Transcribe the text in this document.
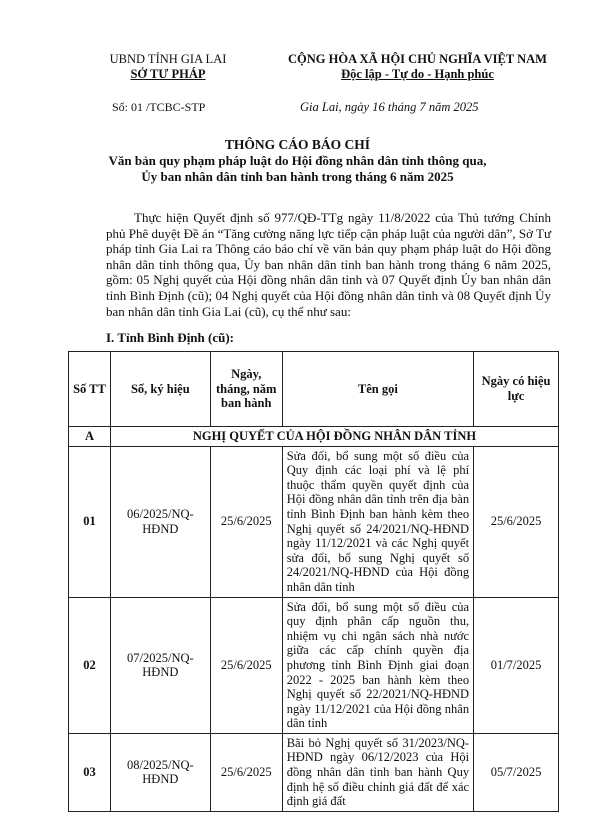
UBND TỈNH GIA LAI
SỞ TƯ PHÁP
CỘNG HÒA XÃ HỘI CHỦ NGHĨA VIỆT NAM
Độc lập - Tự do - Hạnh phúc
Số: 01 /TCBC-STP	Gia Lai, ngày 16 tháng 7 năm 2025
THÔNG CÁO BÁO CHÍ
Văn bản quy phạm pháp luật do Hội đồng nhân dân tỉnh thông qua,
Ủy ban nhân dân tỉnh ban hành trong tháng 6 năm 2025
Thực hiện Quyết định số 977/QĐ-TTg ngày 11/8/2022 của Thủ tướng Chính phủ Phê duyệt Đề án “Tăng cường năng lực tiếp cận pháp luật của người dân”, Sở Tư pháp tỉnh Gia Lai ra Thông cáo báo chí về văn bản quy phạm pháp luật do Hội đồng nhân dân tỉnh thông qua, Ủy ban nhân dân tỉnh ban hành trong tháng 6 năm 2025, gồm: 05 Nghị quyết của Hội đồng nhân dân tỉnh và 07 Quyết định Ủy ban nhân dân tỉnh Bình Định (cũ); 04 Nghị quyết của Hội đồng nhân dân tỉnh và 08 Quyết định Ủy ban nhân dân tỉnh Gia Lai (cũ), cụ thể như sau:
I. Tỉnh Bình Định (cũ):
Số TT	Số, ký hiệu	Ngày, tháng, năm ban hành	Tên gọi	Ngày có hiệu lực
A	NGHỊ QUYẾT CỦA HỘI ĐỒNG NHÂN DÂN TỈNH			
01	06/2025/NQ-HĐND	25/6/2025	Sửa đổi, bổ sung một số điều của Quy định các loại phí và lệ phí thuộc thẩm quyền quyết định của Hội đồng nhân dân tỉnh trên địa bàn tỉnh Bình Định ban hành kèm theo Nghị quyết số 24/2021/NQ-HĐND ngày 11/12/2021 và các Nghị quyết sửa đổi, bổ sung Nghị quyết số 24/2021/NQ-HĐND của Hội đồng nhân dân tỉnh	25/6/2025
02	07/2025/NQ-HĐND	25/6/2025	Sửa đổi, bổ sung một số điều của quy định phân cấp nguồn thu, nhiệm vụ chi ngân sách nhà nước giữa các cấp chính quyền địa phương tỉnh Bình Định giai đoạn 2022 - 2025 ban hành kèm theo Nghị quyết số 22/2021/NQ-HĐND ngày 11/12/2021 của Hội đồng nhân dân tỉnh	01/7/2025
03	08/2025/NQ-HĐND	25/6/2025	Bãi bỏ Nghị quyết số 31/2023/NQ-HĐND ngày 06/12/2023 của Hội đồng nhân dân tỉnh ban hành Quy định hệ số điều chỉnh giá đất để xác định giá đất	05/7/2025
